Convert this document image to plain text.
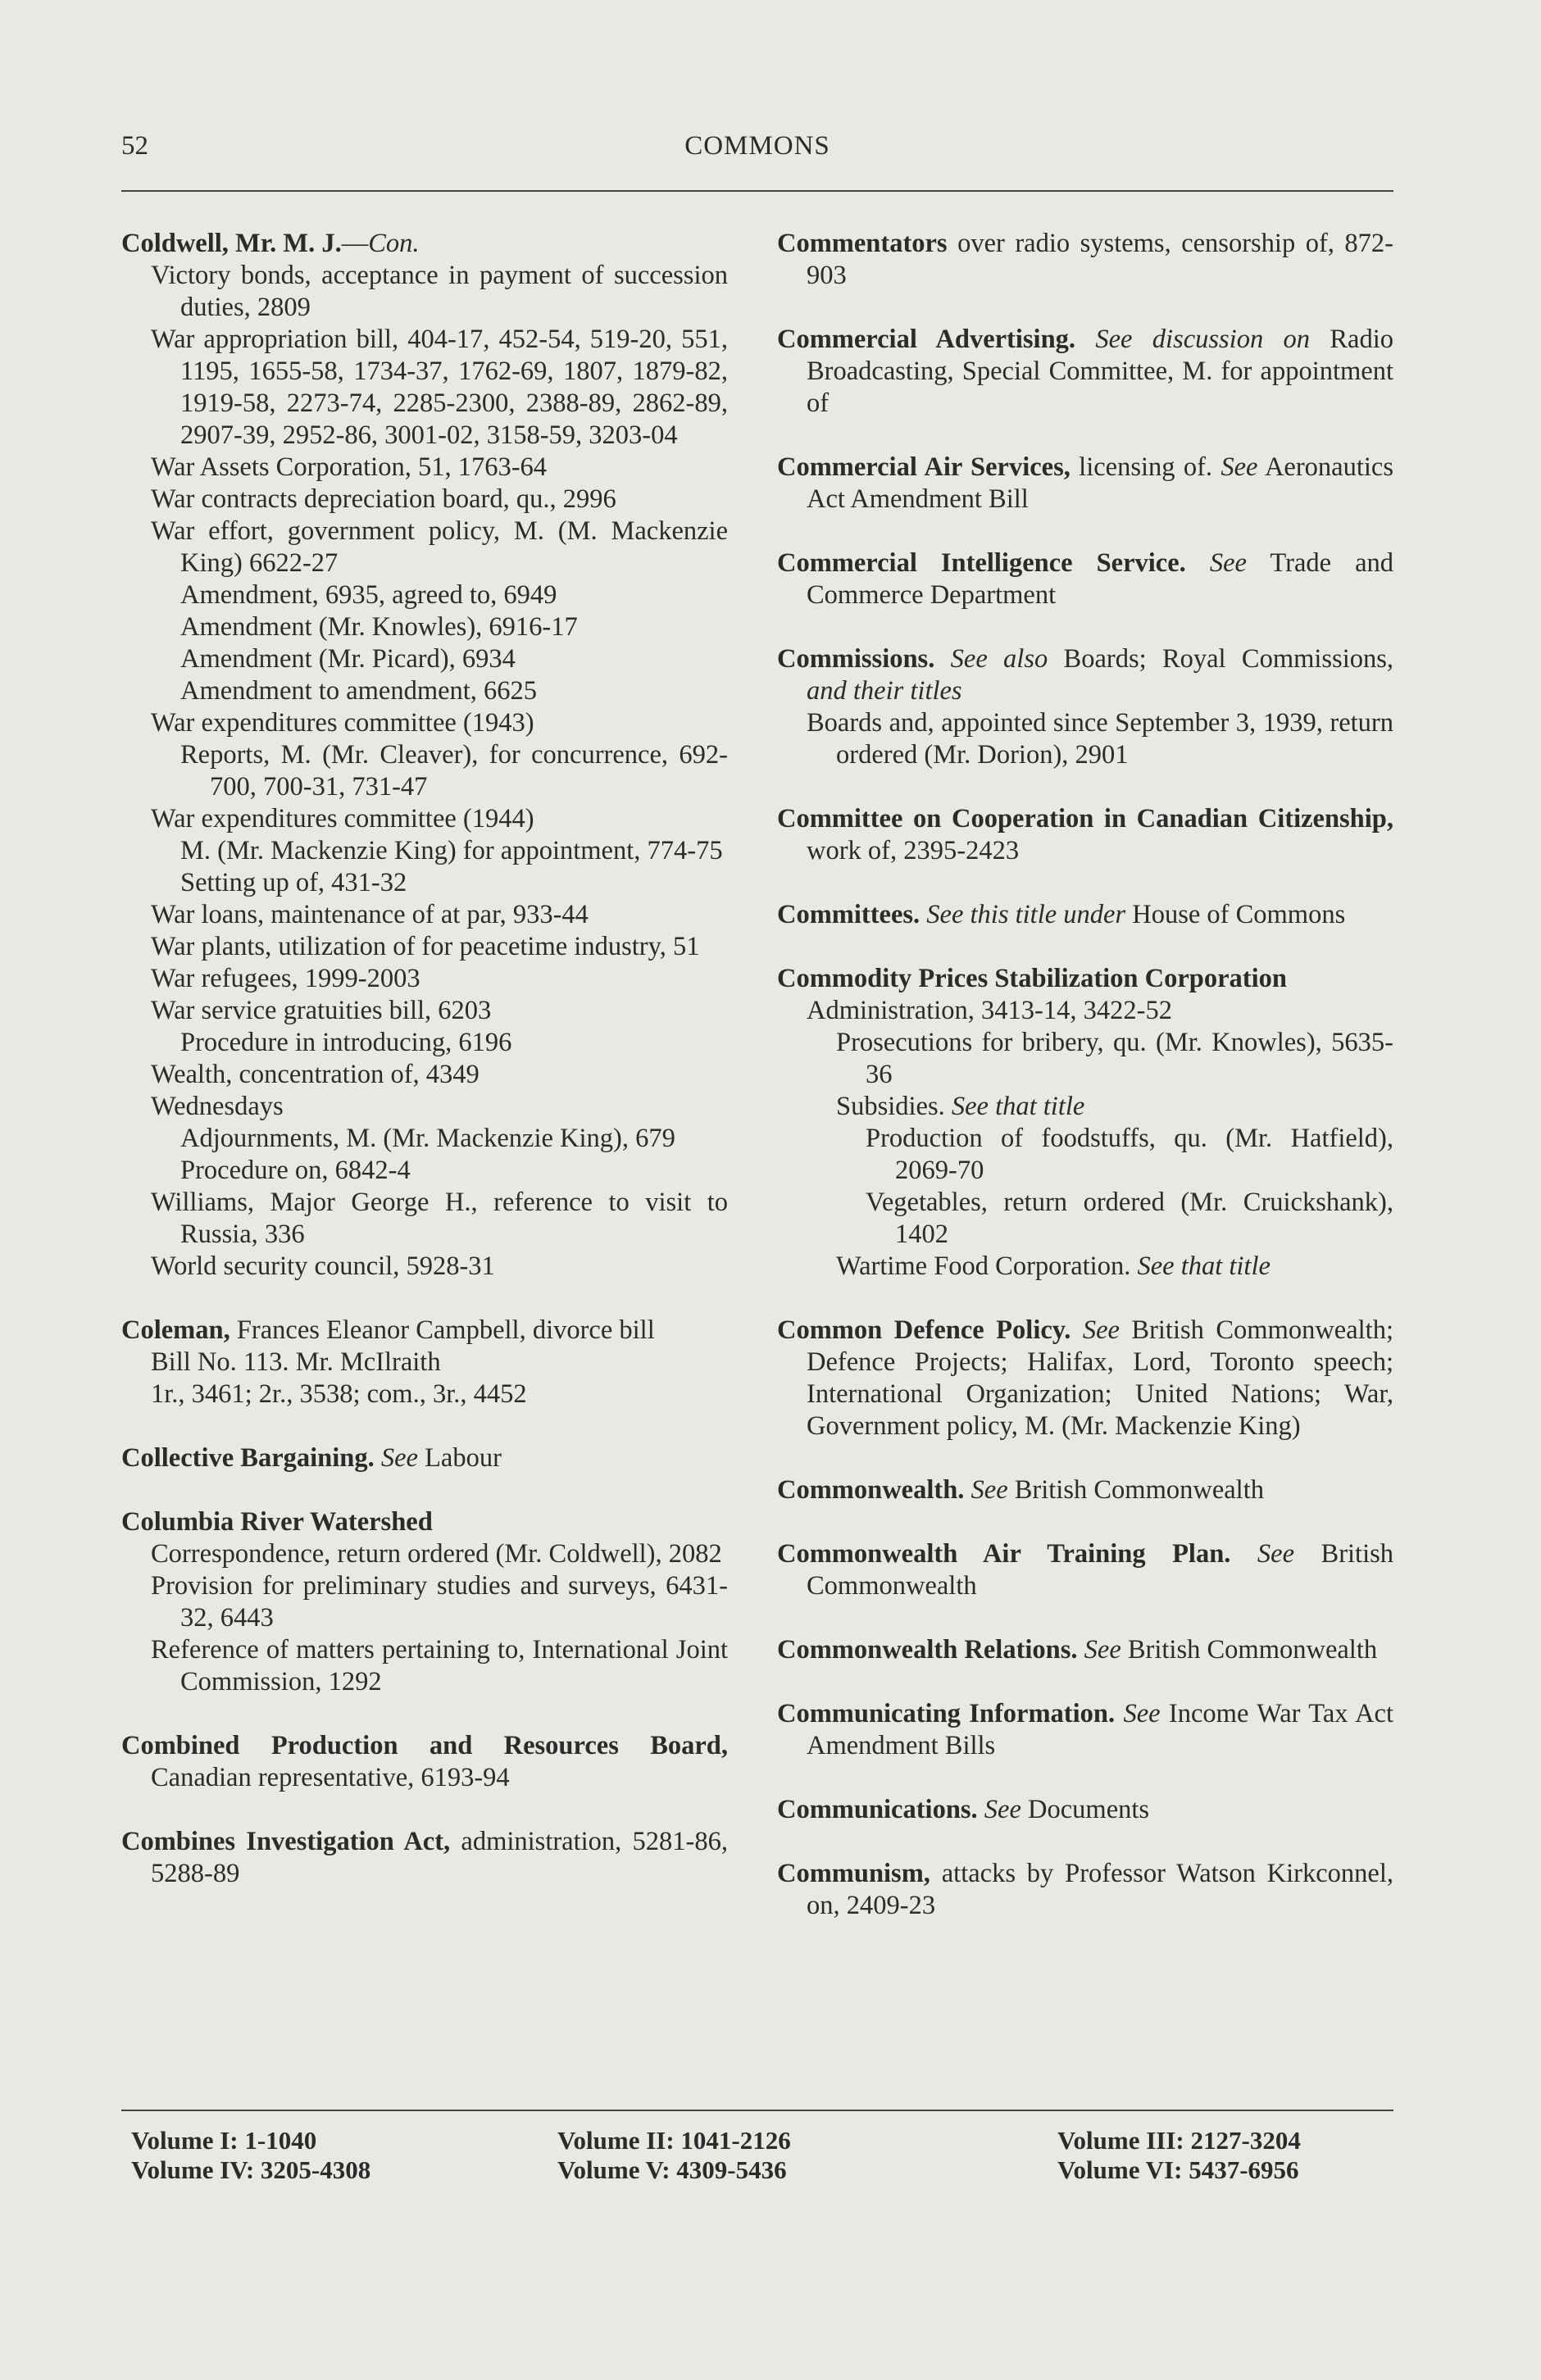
52	COMMONS
Coldwell, Mr. M. J.—Con.
Victory bonds, acceptance in payment of succession duties, 2809
War appropriation bill, 404-17, 452-54, 519-20, 551, 1195, 1655-58, 1734-37, 1762-69, 1807, 1879-82, 1919-58, 2273-74, 2285-2300, 2388-89, 2862-89, 2907-39, 2952-86, 3001-02, 3158-59, 3203-04
War Assets Corporation, 51, 1763-64
War contracts depreciation board, qu., 2996
War effort, government policy, M. (M. Mackenzie King) 6622-27
Amendment, 6935, agreed to, 6949
Amendment (Mr. Knowles), 6916-17
Amendment (Mr. Picard), 6934
Amendment to amendment, 6625
War expenditures committee (1943)
Reports, M. (Mr. Cleaver), for concurrence, 692-700, 700-31, 731-47
War expenditures committee (1944)
M. (Mr. Mackenzie King) for appointment, 774-75
Setting up of, 431-32
War loans, maintenance of at par, 933-44
War plants, utilization of for peacetime industry, 51
War refugees, 1999-2003
War service gratuities bill, 6203
Procedure in introducing, 6196
Wealth, concentration of, 4349
Wednesdays
Adjournments, M. (Mr. Mackenzie King), 679
Procedure on, 6842-4
Williams, Major George H., reference to visit to Russia, 336
World security council, 5928-31
Coleman, Frances Eleanor Campbell, divorce bill
Bill No. 113. Mr. McIlraith
1r., 3461; 2r., 3538; com., 3r., 4452
Collective Bargaining. See Labour
Columbia River Watershed
Correspondence, return ordered (Mr. Coldwell), 2082
Provision for preliminary studies and surveys, 6431-32, 6443
Reference of matters pertaining to, International Joint Commission, 1292
Combined Production and Resources Board, Canadian representative, 6193-94
Combines Investigation Act, administration, 5281-86, 5288-89
Commentators over radio systems, censorship of, 872-903
Commercial Advertising. See discussion on Radio Broadcasting, Special Committee, M. for appointment of
Commercial Air Services, licensing of. See Aeronautics Act Amendment Bill
Commercial Intelligence Service. See Trade and Commerce Department
Commissions. See also Boards; Royal Commissions, and their titles
Boards and, appointed since September 3, 1939, return ordered (Mr. Dorion), 2901
Committee on Cooperation in Canadian Citizenship, work of, 2395-2423
Committees. See this title under House of Commons
Commodity Prices Stabilization Corporation
Administration, 3413-14, 3422-52
Prosecutions for bribery, qu. (Mr. Knowles), 5635-36
Subsidies. See that title
Production of foodstuffs, qu. (Mr. Hatfield), 2069-70
Vegetables, return ordered (Mr. Cruickshank), 1402
Wartime Food Corporation. See that title
Common Defence Policy. See British Commonwealth; Defence Projects; Halifax, Lord, Toronto speech; International Organization; United Nations; War, Government policy, M. (Mr. Mackenzie King)
Commonwealth. See British Commonwealth
Commonwealth Air Training Plan. See British Commonwealth
Commonwealth Relations. See British Commonwealth
Communicating Information. See Income War Tax Act Amendment Bills
Communications. See Documents
Communism, attacks by Professor Watson Kirkconnel, on, 2409-23
Volume I: 1-1040
Volume IV: 3205-4308
Volume II: 1041-2126
Volume V: 4309-5436
Volume III: 2127-3204
Volume VI: 5437-6956
